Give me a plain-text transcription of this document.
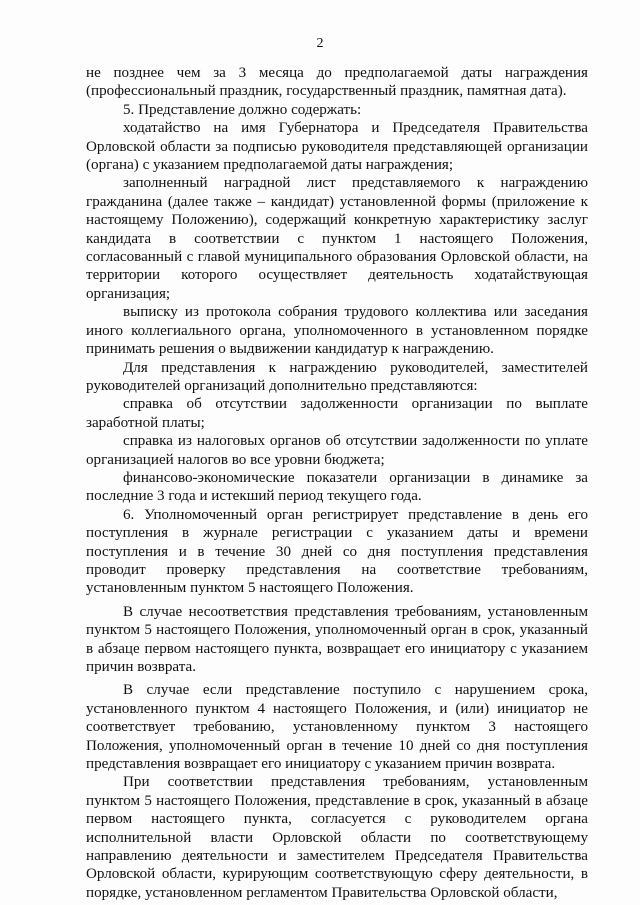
2

не позднее чем за 3 месяца до предполагаемой даты награждения (профессиональный праздник, государственный праздник, памятная дата).

5. Представление должно содержать:

ходатайство на имя Губернатора и Председателя Правительства Орловской области за подписью руководителя представляющей организации (органа) с указанием предполагаемой даты награждения;

заполненный наградной лист представляемого к награждению гражданина (далее также – кандидат) установленной формы (приложение к настоящему Положению), содержащий конкретную характеристику заслуг кандидата в соответствии с пунктом 1 настоящего Положения, согласованный с главой муниципального образования Орловской области, на территории которого осуществляет деятельность ходатайствующая организация;

выписку из протокола собрания трудового коллектива или заседания иного коллегиального органа, уполномоченного в установленном порядке принимать решения о выдвижении кандидатур к награждению.

Для представления к награждению руководителей, заместителей руководителей организаций дополнительно представляются:

справка об отсутствии задолженности организации по выплате заработной платы;

справка из налоговых органов об отсутствии задолженности по уплате организацией налогов во все уровни бюджета;

финансово-экономические показатели организации в динамике за последние 3 года и истекший период текущего года.

6. Уполномоченный орган регистрирует представление в день его поступления в журнале регистрации с указанием даты и времени поступления и в течение 30 дней со дня поступления представления проводит проверку представления на соответствие требованиям, установленным пунктом 5 настоящего Положения.

В случае несоответствия представления требованиям, установленным пунктом 5 настоящего Положения, уполномоченный орган в срок, указанный в абзаце первом настоящего пункта, возвращает его инициатору с указанием причин возврата.

В случае если представление поступило с нарушением срока, установленного пунктом 4 настоящего Положения, и (или) инициатор не соответствует требованию, установленному пунктом 3 настоящего Положения, уполномоченный орган в течение 10 дней со дня поступления представления возвращает его инициатору с указанием причин возврата.

При соответствии представления требованиям, установленным пунктом 5 настоящего Положения, представление в срок, указанный в абзаце первом настоящего пункта, согласуется с руководителем органа исполнительной власти Орловской области по соответствующему направлению деятельности и заместителем Председателя Правительства Орловской области, курирующим соответствующую сферу деятельности, в порядке, установленном регламентом Правительства Орловской области,
